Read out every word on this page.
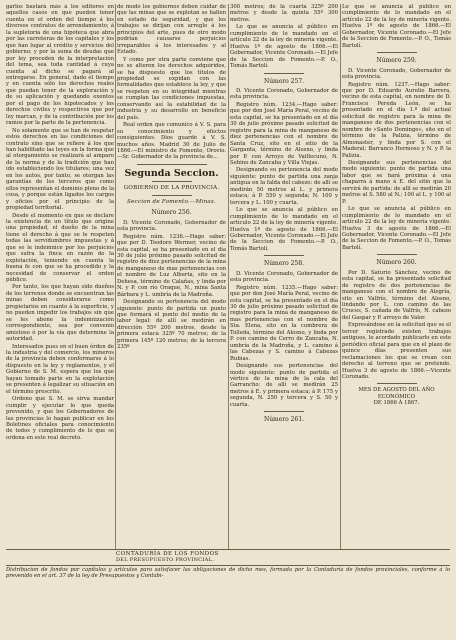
garlos bastará más á los editores en aquellos casos en que pueden tener cuenta en el orden del tiempo á los diversos contratos de arrendamiento; á la supletoria de una hipoteca que abra por las carreteras de los capitales y los que han lugar al crédito y servicios del gobierno; y por la suma de deudas que por ley proceden de la interpretación del tema, sea toda cantidad á cuya cuenta al dicho se pagará al entregarse. En general, dado el tiempo y en cuenta sólo los derechos reales que puedan tener de la exploración y de su aplicación y quedando exentos por el pago de los hipotecados y los derechos civiles y respectivos que por ley marcan, y de la contribución por los ramos por la parte de la pertenencia.

No solamente que se han de respetar estos derechos en las condiciones del contrato sino que se refiere á los que han habilitado las leyes en la forma que al otorgamiento se realizará al amparo de la norma y de la tradición que han ido estableciendo los titulares; una vez en los autos, por tanto, se otorgan las garantías de los terceros que como ellos representan el dominio pleno de la cosa, y porque están ligados los cargos y oficios por el principio de la propiedad territorial.

Desde el momento en que se declare la existencia de un título que origine una propiedad, el dueño de la mina tiene el derecho á que se le respeten todas las servidumbres impuestas y á que se le indemnice por los perjuicios que sufra la finca en razón de la explotación, teniendo en cuenta la buena fe con que se ha procedido y la necesidad de conservar el orden público.

Por tanto, los que hayan sido dueños de los terrenos donde se encuentran las minas deben considerarse como propietarios en cuanto á la superficie, y no pueden impedir los trabajos sin que se les abone la indemnización correspondiente, sea por convenio amistoso ó por la vía que determine la autoridad.

Interesados pues en el buen órden de la industria y del comercio, los mineros de la provincia deben conformarse á lo dispuesto en la ley y reglamentos, y el Gobierno de S. M. espera que los que hayan tomado parte en la explotación se presenten á legalizar su situación en el término prescrito.

Ordeno que S. M. se sirva mandar cumplir y ejecutar lo que queda prevenido, y que los Gobernadores de las provincias lo hagan publicar en los Boletines oficiales para conocimiento de todos y cumplimiento de lo que se ordena en este real decreto.

de modo los gobiernos deben cuidar de que las minas que se explotan se hallen en estado de seguridad, y que los trabajos se dirijan con arreglo á los principios del arte, pues de otro modo podrían causarse perjuicios irreparables á los interesados y al Estado.

Y como por otra parte conviene que no se alteren los derechos adquiridos, se ha dispuesto que los títulos de propiedad se expidan con las formalidades que establece la ley, y que se respeten en su integridad mientras se cumplan las condiciones impuestas, conservando así la estabilidad de la industria y su desarrollo en beneficio del país.

Real orden que comunico á V. S. para su conocimiento y efectos consiguientes. Dios guarde á V. S. muchos años. Madrid 30 de Julio de 1866.—El ministro de Fomento, Orovio.—Sr. Gobernador de la provincia de...

Segunda Seccion.
GOBIERNO DE LA PROVINCIA.
Seccion de Fomento.—Minas.
Número 256.

D. Vicente Coronado, Gobernador de esta provincia.

Registro núm. 1236.—Hago saber: que por D. Teodoro Wermer, vecino de esta capital, se ha presentado en el día 30 de julio próximo pasado solicitud de registro de diez pertenencias de la mina de manganeso de mas pertenencias con el nombre de Luz Alberta, sito en la Dehesa, término de Calañas, y linda por N. y P. con río Oraque, N., mina Santa Bárbara y L. umbría de la Madroña.

Designando su pertenencia del modo siguiente: punto de partida un punto que formará el punto del medio de la labor legal: de allí se medirán en dirección 55º 200 metros, desde la primera estaca 325º 70 metros; de la primera 145º 120 metros; de la tercera 235º

300 metros; de la cuarta 325º 200 metros y desde la quinta 55º 300 metros.

Lo que se anuncia al público en cumplimiento de lo mandado en el artículo 22 de la ley de minería vigente. Huelva 1º de agosto de 1866.—El Gobernador, Vicente Coronado.—El Jefe de la Seccion de Fomento.—P. O., Tomás Bartolí.

Número 257.

D. Vicente Coronado, Gobernador de esta provincia.

Registro núm. 1234.—Hago saber: que por don José María Peral, vecino de esta capital, se ha presentado en el día 30 de julio próximo pasado solicitud de registro para la mina de manganeso de diez pertenencias con el nombre de Santa Cruz, sito en el sitio de la Garganta, término de Alosno, y linda por P. con Arroyo de Valflecuno, N. Sebino de Zancaba y Villa Viejas.

Designando su pertenencia del modo siguiente: punto de partida una zanja antigua en la falda del cabezo: de allí se medirán 50 metros al L. y primera estaca; á P. 550 y segunda; N. 100 y tercera y L. 100 y cuarta.

Lo que se anuncia al público en cumplimiento de lo mandado en el artículo 22 de la ley de minería vigente. Huelva 1º de agosto de 1866.—El Gobernador, Vicente Coronado.—El Jefe de la Seccion de Fomento.—P. O., Tomás Bartolí.

Número 258.

D. Vicente Coronado, Gobernador de esta provincia.

Registro núm. 1235.—Hago saber: que por don José María Peral, vecino de esta capital, se ha presentado en el día 30 de julio próximo pasado solicitud de registro para la mina de manganeso de mas pertenencias con el nombre de Sta. Elena, sito en la cumbrera de Tolleda, término del Alosno, y linda por P. con camino de Cerro de Zancaba, N. umbría de la Madroña, y L. camino á las Cabezas y S. camino á Cabezas Rubias.

Designando sus pertenencias del modo siguiente: punto de partida el vértice de la mina de la cala del Garrancho: de allí se medirán 25 metros á E. y primera estaca; á P. 175 y segunda, N. 250 y tercera y S. 50 y cuarta.

Número 261.

Lo que se anuncia al público en cumplimiento de lo mandado en el artículo 22 de la ley de minería vigente. Huelva 1º de agosto de 1866.—El Gobernador, Vicente Coronado.—El Jefe de la Seccion de Fomento.—P. O., Tomás Bartolí.

Número 259.

D. Vicente Coronado, Gobernador de esta provincia.

Registro núm. 1237.—Hago saber: que por D. Eduardo Aurelio Barrera, vecino de esta capital, en nombre de D. Francisco Pereda León, se ha presentado en el día 1.º del actual solicitud de registro para la mina de manganeso de dos pertenencias con el nombre de «Santo Domingo», sito en el término de la Palizia, término de Almonaster, y linda por S. con el Maderal; Barranco Hermoso y N. y P. la Palizia.

Designando sus pertenencias del modo siguiente: punto de partida una labor que se hará próxima á una chaparra á mano á E. del sitio que la servirá de partida: de allí se medirán 20 metros al S. 580 al N.; 100 al L. y 100 al P.

Lo que se anuncia al público en cumplimiento de lo mandado en el artículo 22 de la ley de minería vigente. Huelva 3 de agosto de 1866.—El Gobernador, Vicente Coronado.—El Jefe de la Seccion de Fomento.—P. O., Tomás Bartolí.

Número 260.

Por D. Saturio Sánchez, vecino de esta capital, se ha presentado solicitud de registro de dos pertenencias de manganeso con el nombre de Alegría, sito en Valfrío, término del Alosno, lindando por L. con camino de las Cruces, S. cañada de Valfrío, N. cabezo del Gaspar y P. arroyo de Valor.

Expresándose en la solicitud que se el tercer registrado existen trabajos antiguos, lo acordado publicarlo en este periódico oficial para que en el plazo de quince días presenten sus reclamaciones los que se crean con derecho al terreno que se pretende. Huelva 3 de agosto de 1866.—Vicente Coronado.

MES DE AGOSTO DEL AÑO ECONÓMICO
DE 1866 Á 1867.
CONTADURÍA DE LOS FONDOS
DEL PRESUPUESTO PROVINCIAL.
Distribucion de fondos por capítulos y artículos para satisfacer las obligaciones de dicho mes, formada por la Contaduría de fondos provinciales, conforme á lo prevenido en el art. 37 de la ley de Presupuestos y Contabi-
